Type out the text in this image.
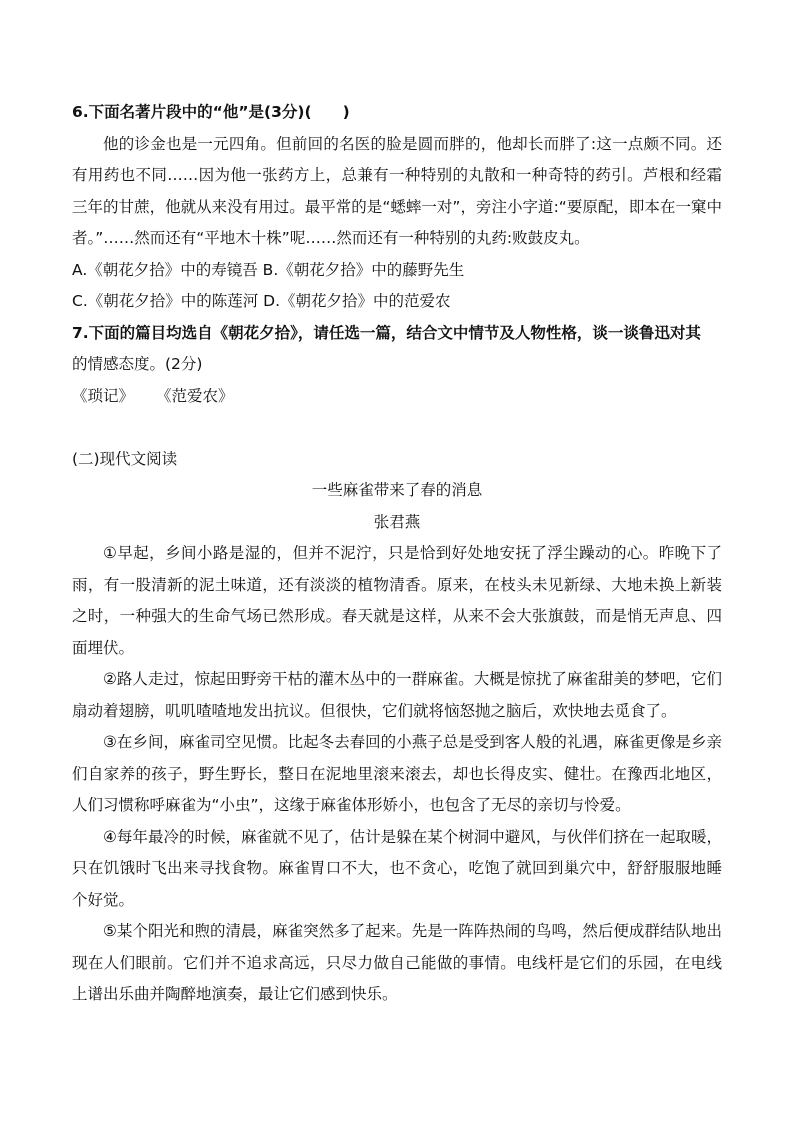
6.下面名著片段中的“他”是(3分)(　　)

他的诊金也是一元四角。但前回的名医的脸是圆而胖的，他却长而胖了:这一点颇不同。还有用药也不同……因为他一张药方上，总兼有一种特别的丸散和一种奇特的药引。芦根和经霜三年的甘蔗，他就从来没有用过。最平常的是“蟋蟀一对”，旁注小字道:“要原配，即本在一窠中者。”……然而还有“平地木十株”呢……然而还有一种特别的丸药:败鼓皮丸。

A.《朝花夕拾》中的寿镜吾 B.《朝花夕拾》中的藤野先生

C.《朝花夕拾》中的陈莲河 D.《朝花夕拾》中的范爱农

7.下面的篇目均选自《朝花夕拾》，请任选一篇，结合文中情节及人物性格，谈一谈鲁迅对其

的情感态度。(2分)

《琐记》 《范爱农》

(二)现代文阅读

一些麻雀带来了春的消息

张君燕

①早起，乡间小路是湿的，但并不泥泞，只是恰到好处地安抚了浮尘躁动的心。昨晚下了雨，有一股清新的泥土味道，还有淡淡的植物清香。原来，在枝头未见新绿、大地未换上新装之时，一种强大的生命气场已然形成。春天就是这样，从来不会大张旗鼓，而是悄无声息、四面埋伏。

②路人走过，惊起田野旁干枯的灌木丛中的一群麻雀。大概是惊扰了麻雀甜美的梦吧，它们扇动着翅膀，叽叽喳喳地发出抗议。但很快，它们就将恼怒抛之脑后，欢快地去觅食了。

③在乡间，麻雀司空见惯。比起冬去春回的小燕子总是受到客人般的礼遇，麻雀更像是乡亲们自家养的孩子，野生野长，整日在泥地里滚来滚去，却也长得皮实、健壮。在豫西北地区，人们习惯称呼麻雀为“小虫”，这缘于麻雀体形娇小，也包含了无尽的亲切与怜爱。

④每年最冷的时候，麻雀就不见了，估计是躲在某个树洞中避风，与伙伴们挤在一起取暖，只在饥饿时飞出来寻找食物。麻雀胃口不大，也不贪心，吃饱了就回到巢穴中，舒舒服服地睡个好觉。

⑤某个阳光和煦的清晨，麻雀突然多了起来。先是一阵阵热闹的鸟鸣，然后便成群结队地出现在人们眼前。它们并不追求高远，只尽力做自己能做的事情。电线杆是它们的乐园，在电线上谱出乐曲并陶醉地演奏，最让它们感到快乐。
